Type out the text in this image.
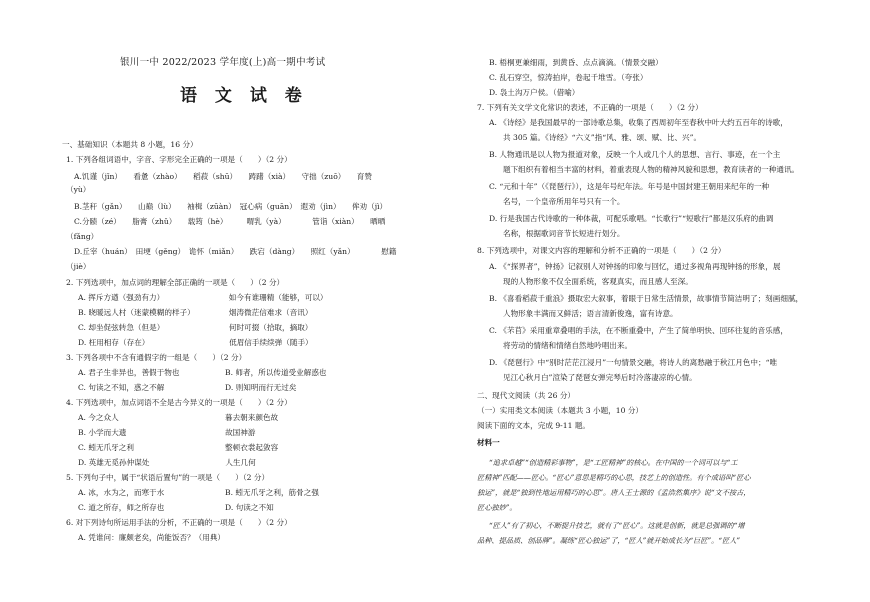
银川一中 2022/2023 学年度(上)高一期中考试
语 文 试 卷
一、基础知识（本题共 8 小题，16 分）
1. 下列各组词语中，字音、字形完全正确的一项是（　　）（2 分）
A.饥谨（jǐn）　　看惫（zhào）　　稻菽（shū）　　踌躇（xià）　　守拙（zuō）　　育赞
（yù）
B.茎秆（gǎn）　　山巅（lù）　　袖楫（zūàn）　冠心病（guān）　遐劝（jìn）　　侔劝（jì）
C.分赜（zé）　　脂膏（zhǔ）　　载筠（hè）　　　喟乳（yà）　　　　管诣（xiàn）　　晒晒
（fǎng）
D.丘宰（huán）　田埂（gěng）　诡怀（miǎn）　　跌宕（dàng）　　照红（yǎn）　　　　慰籍
（jiè）
2. 下列选项中，加点词的理解全部正确的一项是（　　）（2 分）
A. 挥斥方遒（强劲有力）　　　　　　　　　如今有谁珊精（能够，可以）
B. 晓暖远人村（迷蒙模糊的样子）　　　　　烟涛微茫信难求（音讯）
C. 却坐促弦转急（但是）　　　　　　　　　何时可掇（拾取，摘取）
D. 枉用相存（存在）　　　　　　　　　　　低眉信手续续弹（随手）
3. 下列各项中不含有通假字的一组是（　　）（2 分）
A. 君子生非异也，善假于物也　　　　　　B. 师者，所以传道受业解惑也
C. 句读之不知，惑之不解　　　　　　　　D. 则知明而行无过矣
4. 下列选项中，加点词语不全是古今异义的一项是（　　）（2 分）
A. 今之众人　　　　　　　　　　　　　　暮去朝来颜色故
B. 小学而大遗　　　　　　　　　　　　　故国神游
C. 蚓无爪牙之利　　　　　　　　　　　　整顿衣裳起敛容
D. 英雄无觅孙仲谋处　　　　　　　　　　人生几何
5. 下列句子中，属于“状语后置句”的一项是（　　）（2 分）
A. 冰，水为之，而寒于水　　　　　　　　B. 蚓无爪牙之利，筋骨之强
C. 道之所存，师之所存也　　　　　　　　D. 句读之不知
6. 对下列诗句所运用手法的分析，不正确的一项是（　　）（2 分）
A. 凭谁问：廉颇老矣，尚能饭否？（用典）
B. 梧桐更兼细雨，到黄昏、点点滴滴。（情景交融）
C. 乱石穿空，惊涛拍岸，卷起千堆雪。（夸张）
D. 袅土沟万户侯。（借喻）
7. 下列有关文学文化常识的表述，不正确的一项是（　　）（2 分）
A. 《诗经》是我国最早的一部诗歌总集，收集了西周初年至春秋中叶大约五百年的诗歌，
共 305 篇。《诗经》“六义”指“风、雅、颂、赋、比、兴”。
B. 人物通讯是以人物为报道对象，反映一个人或几个人的思想、言行、事迹，在一个主
题下组织有着相当丰富的材料，着重表现人物的精神风貌和思想，教育读者的一种通讯。
C. “元和十年”（《琵琶行》），这是年号纪年法。年号是中国封建王朝用来纪年的一种
名号，一个皇帝所用年号只有一个。
D. 行是我国古代诗歌的一种体裁，可配乐歌唱。“长歌行”“短歌行”都是汉乐府的曲调
名称，根据歌词音节长短进行划分。
8. 下列选项中，对课文内容的理解和分析不正确的一项是（　　）（2 分）
A. 《“探界者”，钟扬》记叙别人对钟扬的印象与回忆，通过多视角再现钟扬的形象，展
现的人物形象不仅全面系统，客观真实，而且感人至深。
B. 《喜看稻菽千重浪》摄取宏大叙事，着眼于日常生活情景，故事情节简洁明了；刻画细腻，
人物形象丰满而又鲜活；语言清新俊逸，富有诗意。
C. 《芣苢》采用重章叠唱的手法，在不断重叠中，产生了简单明快、回环往复的音乐感，
将劳动的情绪和情绪自然地吟唱出来。
D. 《琵琶行》中“别时茫茫江浸月”一句情景交融，将诗人的离愁融于秋江月色中；“唯
见江心秋月白”渲染了琵琶女弹完琴后时冷落凄凉的心情。
二、现代文阅读（共 26 分）
（一）实用类文本阅读（本题共 3 小题，10 分）
阅读下面的文本，完成 9-11 题。
材料一
“追求卓越”“创造精彩事物”，是“工匠精神”的核心。在中国的一个词可以与“工
匠精神”匹配——匠心。“匠心”意思是精巧的心思，技艺上的创造性。有个成语叫“匠心
独运”，就是“独到性地运用精巧的心思”。唐人王士源的《孟浩然集序》说“文不按古，
匠心独妙”。
“匠人”有了初心，不断提升技艺，就有了“匠心”。这就是创新，就是总强调的“增
品种、提品质、创品牌”。凝练“匠心独运”了，“匠人”就开始成长为“巨匠”。“匠人”
